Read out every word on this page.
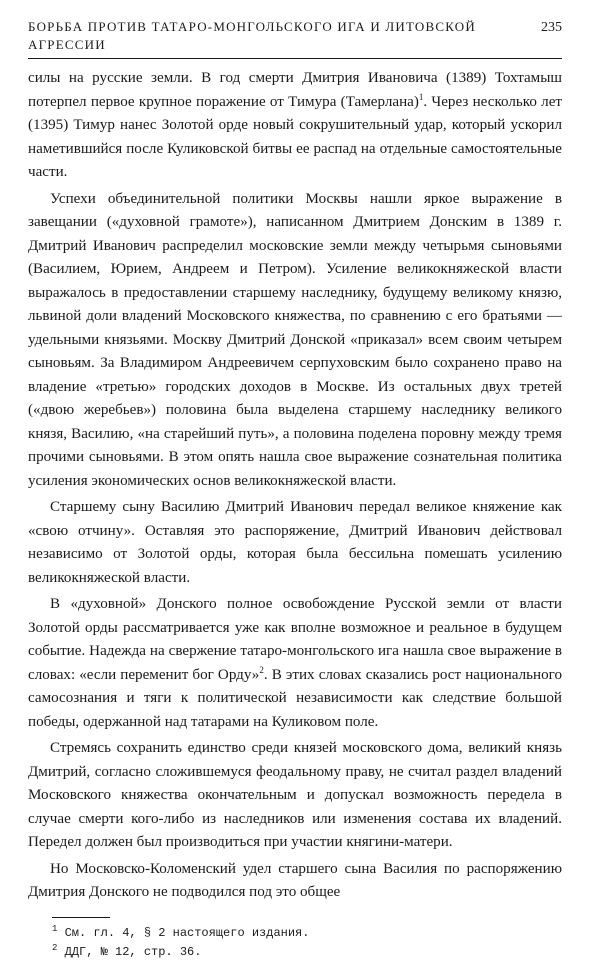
БОРЬБА ПРОТИВ ТАТАРО-МОНГОЛЬСКОГО ИГА И ЛИТОВСКОЙ АГРЕССИИ
235

силы на русские земли. В год смерти Дмитрия Ивановича (1389) Тохтамыш потерпел первое крупное поражение от Тимура (Тамерлана)$^1$. Через несколько лет (1395) Тимур нанес Золотой орде новый сокрушительный удар, который ускорил наметившийся после Куликовской битвы ее распад на отдельные самостоятельные части.

Успехи объединительной политики Москвы нашли яркое выражение в завещании («духовной грамоте»), написанном Дмитрием Донским в 1389 г. Дмитрий Иванович распределил московские земли между четырьмя сыновьями (Василием, Юрием, Андреем и Петром). Усиление великокняжеской власти выражалось в предоставлении старшему наследнику, будущему великому князю, львиной доли владений Московского княжества, по сравнению с его братьями — удельными князьями. Москву Дмитрий Донской «приказал» всем своим четырем сыновьям. За Владимиром Андреевичем серпуховским было сохранено право на владение «третью» городских доходов в Москве. Из остальных двух третей («двою жеребьев») половина была выделена старшему наследнику великого князя, Василию, «на старейший путь», а половина поделена поровну между тремя прочими сыновьями. В этом опять нашла свое выражение сознательная политика усиления экономических основ великокняжеской власти.

Старшему сыну Василию Дмитрий Иванович передал великое княжение как «свою отчину». Оставляя это распоряжение, Дмитрий Иванович действовал независимо от Золотой орды, которая была бессильна помешать усилению великокняжеской власти.

В «духовной» Донского полное освобождение Русской земли от власти Золотой орды рассматривается уже как вполне возможное и реальное в будущем событие. Надежда на свержение татаро-монгольского ига нашла свое выражение в словах: «если переменит бог Орду»$^2$. В этих словах сказались рост национального самосознания и тяги к политической независимости как следствие большой победы, одержанной над татарами на Куликовом поле.

Стремясь сохранить единство среди князей московского дома, великий князь Дмитрий, согласно сложившемуся феодальному праву, не считал раздел владений Московского княжества окончательным и допускал возможность передела в случае смерти кого-либо из наследников или изменения состава их владений. Передел должен был производиться при участии княгини-матери.

Но Московско-Коломенский удел старшего сына Василия по распоряжению Дмитрия Донского не подводился под это общее

$^1$ См. гл. 4, § 2 настоящего издания.
$^2$ ДДГ, № 12, стр. 36.
